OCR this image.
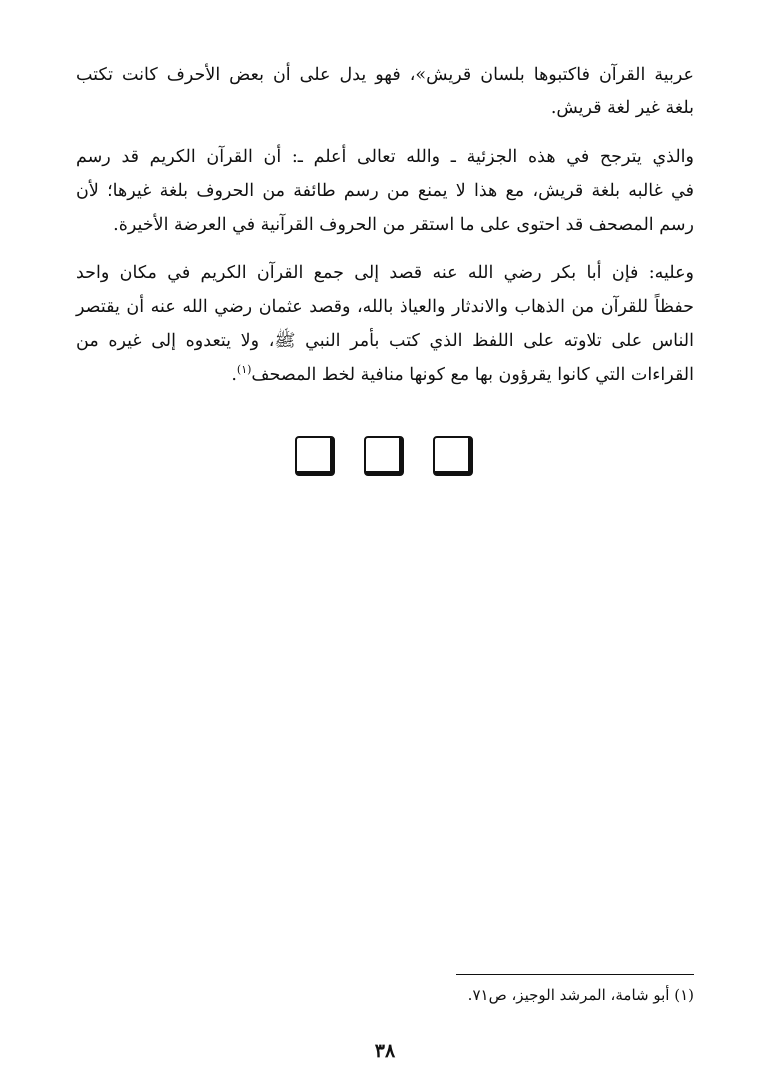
عربية القرآن فاكتبوها بلسان قريش»، فهو يدل على أن بعض الأحرف كانت تكتب
بلغة غير لغة قريش.
والذي يترجح في هذه الجزئية ـ والله تعالى أعلم ـ: أن القرآن الكريم قد رسم
في غالبه بلغة قريش، مع هذا لا يمنع من رسم طائفة من الحروف بلغة غيرها؛ لأن
رسم المصحف قد احتوى على ما استقر من الحروف القرآنية في العرضة الأخيرة.
وعليه: فإن أبا بكر رضي الله عنه قصد إلى جمع القرآن الكريم في مكان واحد
حفظاً للقرآن من الذهاب والاندثار والعياذ بالله، وقصد عثمان رضي الله عنه أن يقتصر
الناس على تلاوته على اللفظ الذي كتب بأمر النبي ﷺ، ولا يتعدوه إلى غيره من
القراءات التي كانوا يقرؤون بها مع كونها منافية لخط المصحف$^{(١)}$.
(١) أبو شامة، المرشد الوجيز، ص٧١.
٣٨
